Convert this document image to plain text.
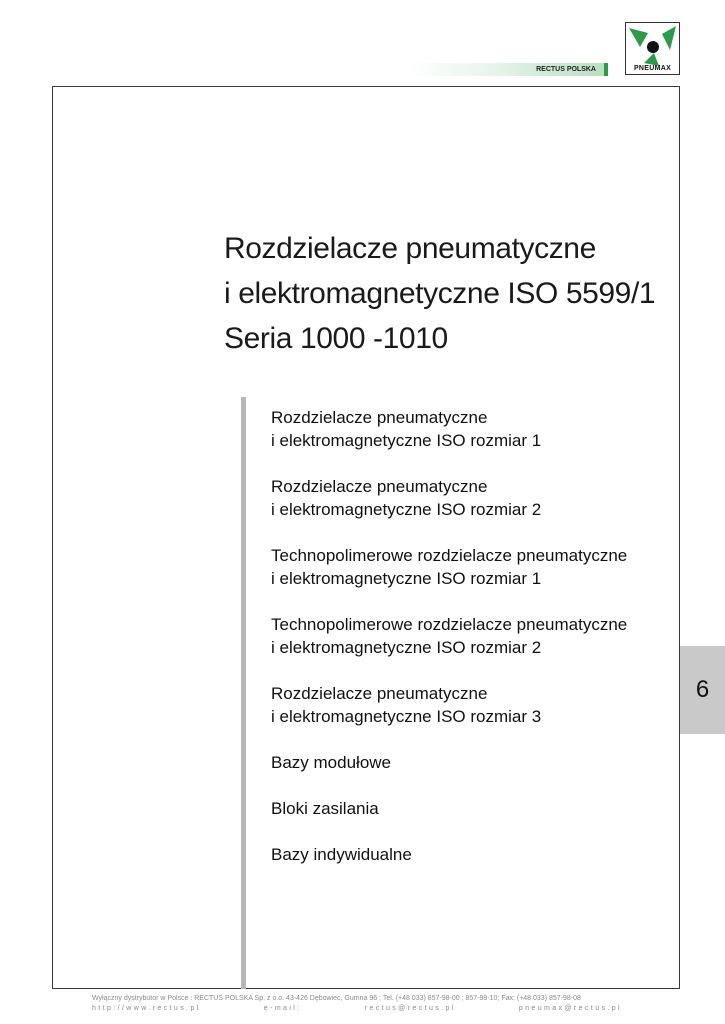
RECTUS POLSKA	PNEUMAX
Rozdzielacze pneumatyczne
i elektromagnetyczne ISO 5599/1
Seria 1000 -1010
Rozdzielacze pneumatyczne
i elektromagnetyczne ISO rozmiar 1
Rozdzielacze pneumatyczne
i elektromagnetyczne ISO rozmiar 2
Technopolimerowe rozdzielacze pneumatyczne
i elektromagnetyczne ISO rozmiar 1
Technopolimerowe rozdzielacze pneumatyczne
i elektromagnetyczne ISO rozmiar 2
Rozdzielacze pneumatyczne
i elektromagnetyczne ISO rozmiar 3
Bazy modułowe
Bloki zasilania
Bazy indywidualne
6
Wyłączny dystrybutor w Polsce : RECTUS POLSKA Sp. z o.o. 43-426 Dębowiec, Gumna 96 ; Tel. (+48 033) 857-98-00 ; 857-98-10; Fax: (+48 033) 857-98-08
http://www.rectus.pl	e-mail:	rectus@rectus.pl	pneumax@rectus.pl
